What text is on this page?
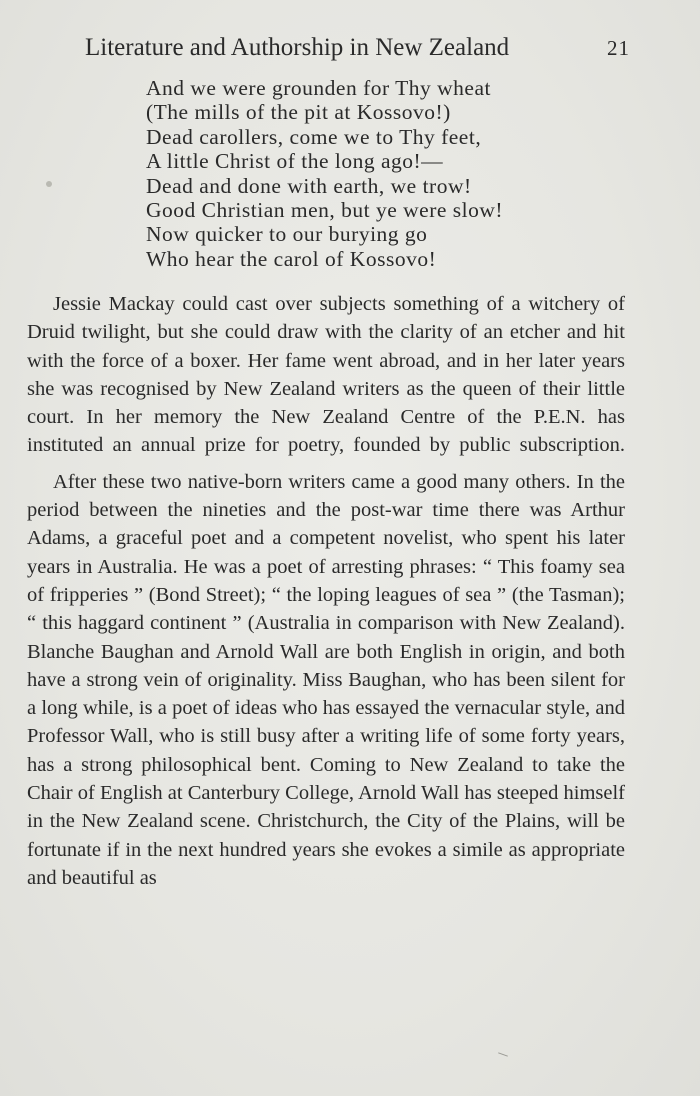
Literature and Authorship in New Zealand	21
And we were grounden for Thy wheat
(The mills of the pit at Kossovo!)
Dead carollers, come we to Thy feet,
A little Christ of the long ago!—
Dead and done with earth, we trow!
Good Christian men, but ye were slow!
Now quicker to our burying go
Who hear the carol of Kossovo!

Jessie Mackay could cast over subjects something of a witchery of Druid twilight, but she could draw with the clarity of an etcher and hit with the force of a boxer. Her fame went abroad, and in her later years she was recognised by New Zealand writers as the queen of their little court. In her memory the New Zealand Centre of the P.E.N. has instituted an annual prize for poetry, founded by public subscription.

After these two native-born writers came a good many others. In the period between the nineties and the post-war time there was Arthur Adams, a graceful poet and a competent novelist, who spent his later years in Australia. He was a poet of arresting phrases: “ This foamy sea of fripperies ” (Bond Street); “ the loping leagues of sea ” (the Tasman); “ this haggard continent ” (Australia in comparison with New Zealand). Blanche Baughan and Arnold Wall are both English in origin, and both have a strong vein of originality. Miss Baughan, who has been silent for a long while, is a poet of ideas who has essayed the vernacular style, and Professor Wall, who is still busy after a writing life of some forty years, has a strong philosophical bent. Coming to New Zealand to take the Chair of English at Canterbury College, Arnold Wall has steeped himself in the New Zealand scene. Christchurch, the City of the Plains, will be fortunate if in the next hundred years she evokes a simile as appropriate and beautiful as
